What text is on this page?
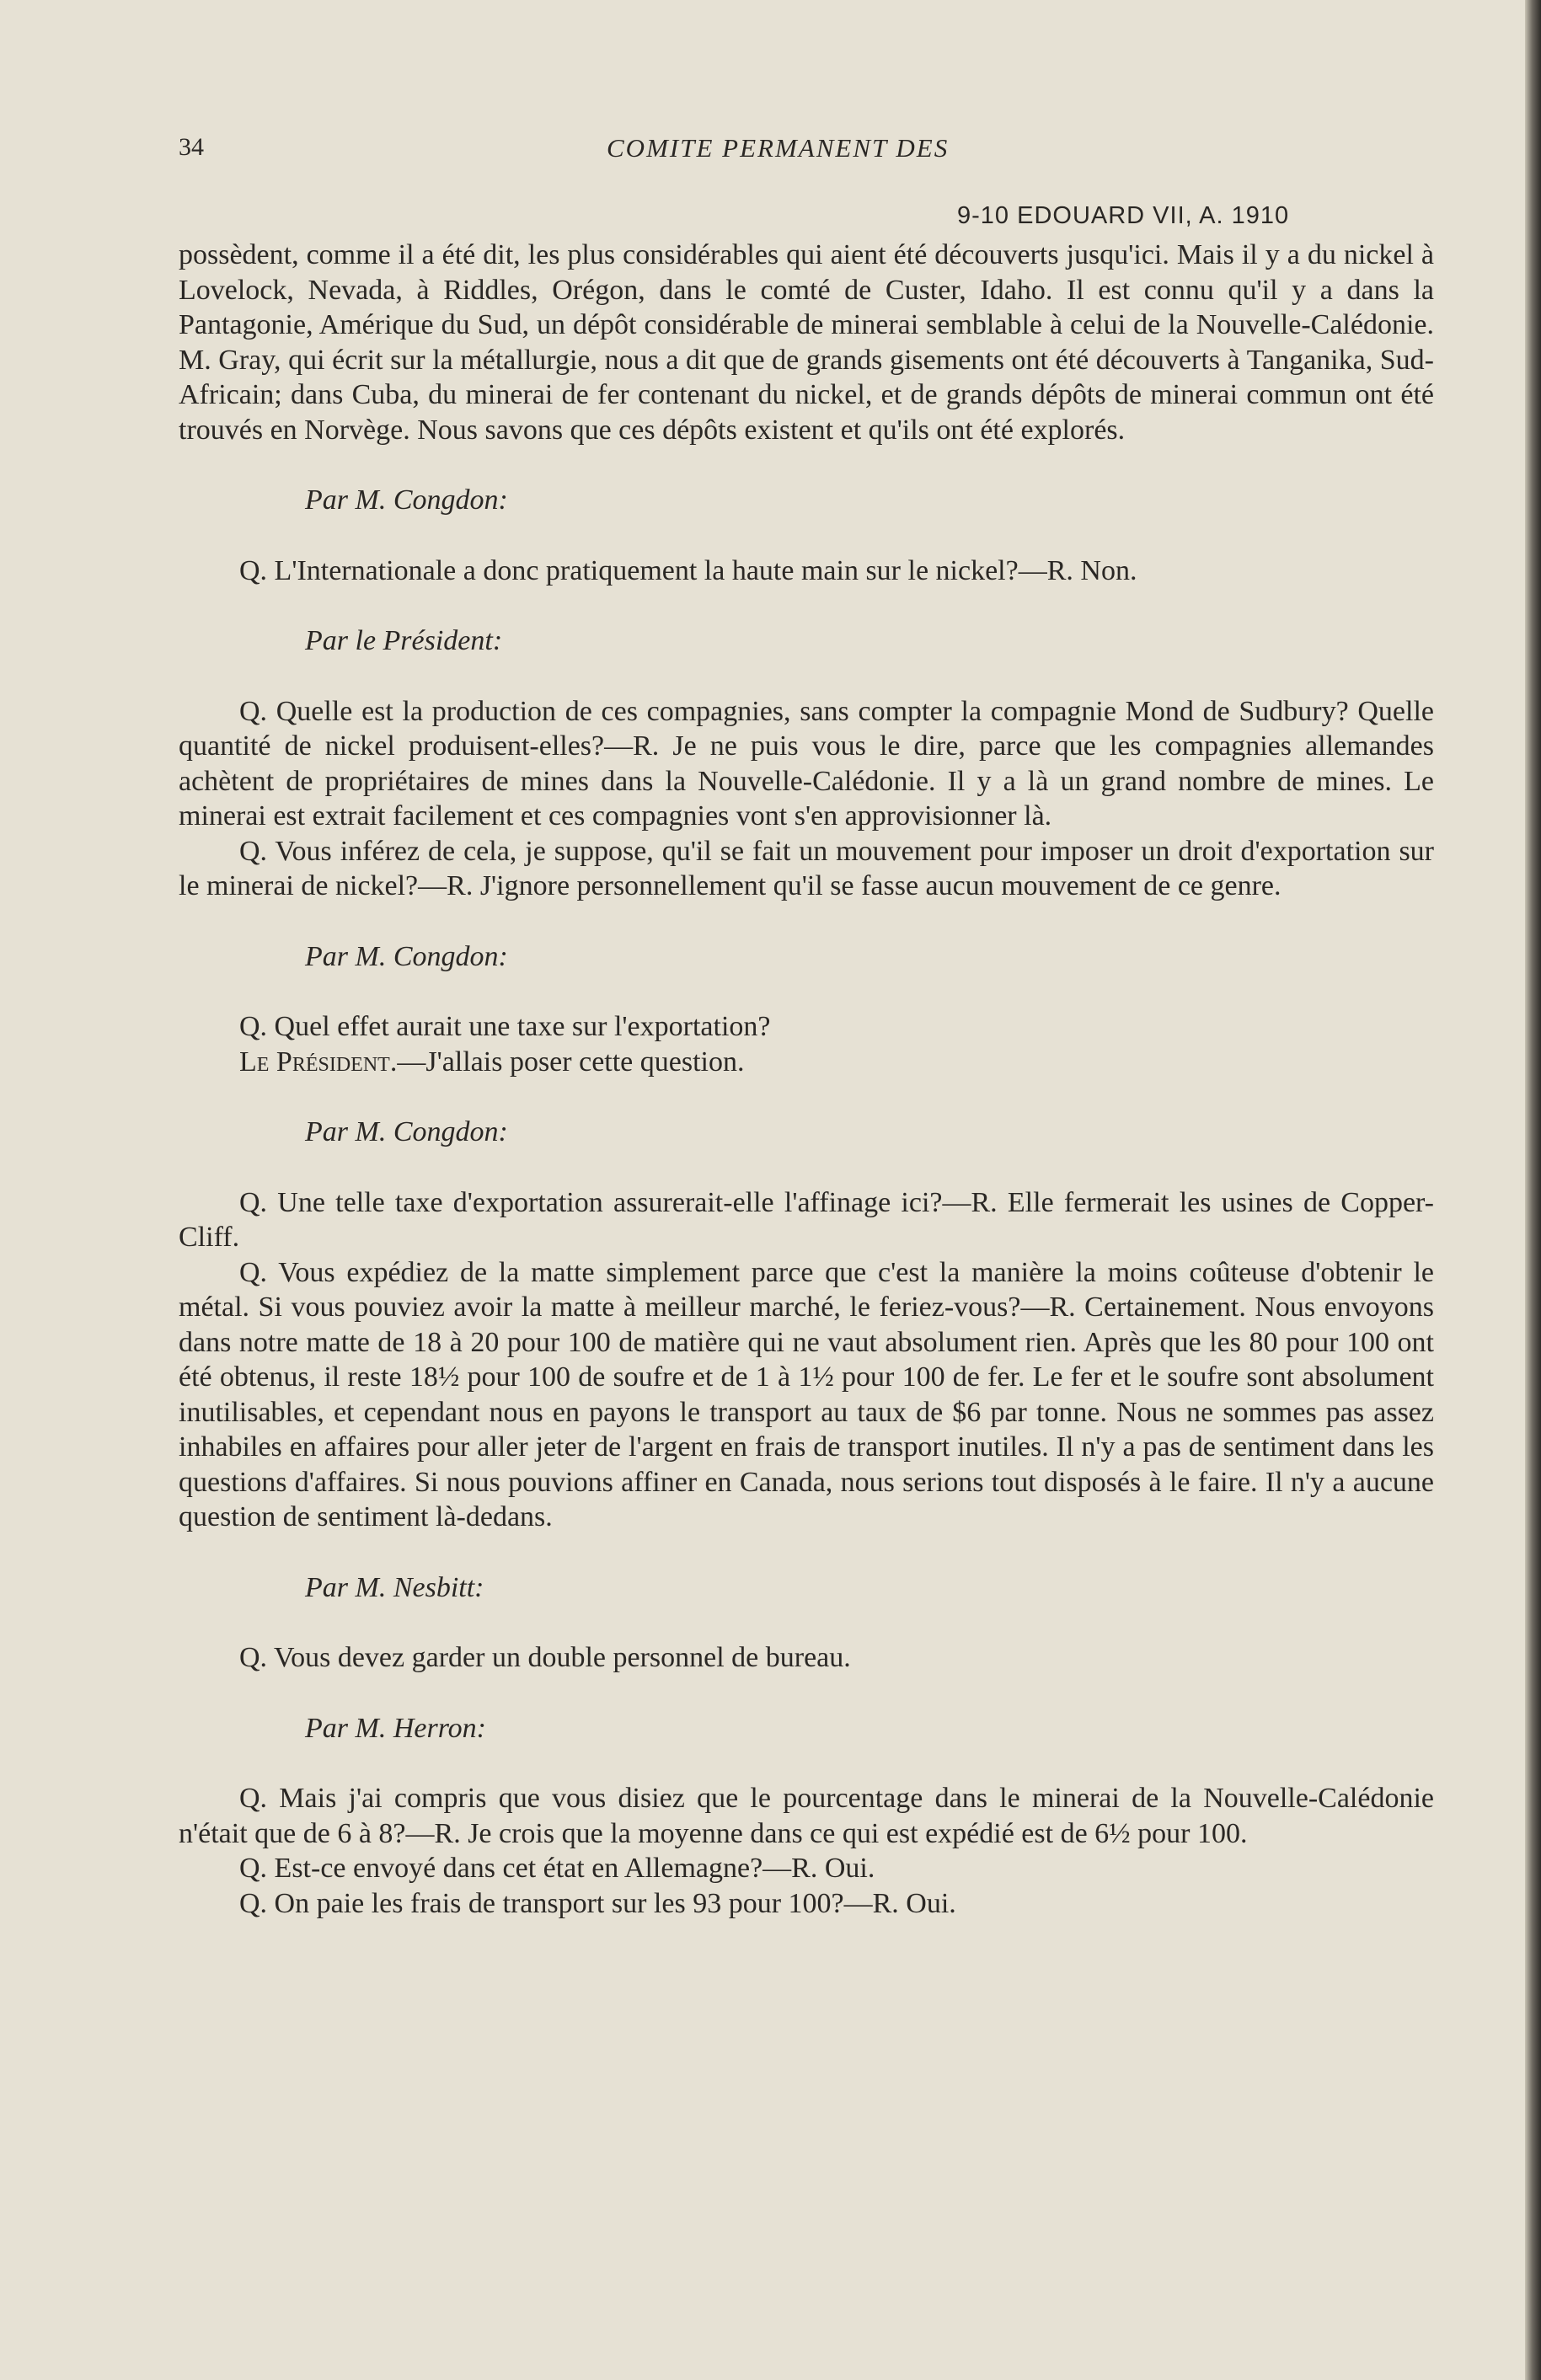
34	COMITE PERMANENT DES
9-10 EDOUARD VII, A. 1910

possèdent, comme il a été dit, les plus considérables qui aient été découverts jusqu'ici. Mais il y a du nickel à Lovelock, Nevada, à Riddles, Orégon, dans le comté de Custer, Idaho. Il est connu qu'il y a dans la Pantagonie, Amérique du Sud, un dépôt considérable de minerai semblable à celui de la Nouvelle-Calédonie. M. Gray, qui écrit sur la métallurgie, nous a dit que de grands gisements ont été découverts à Tanganika, Sud-Africain; dans Cuba, du minerai de fer contenant du nickel, et de grands dépôts de minerai commun ont été trouvés en Norvège. Nous savons que ces dépôts existent et qu'ils ont été explorés.

Par M. Congdon:

Q. L'Internationale a donc pratiquement la haute main sur le nickel?—R. Non.

Par le Président:

Q. Quelle est la production de ces compagnies, sans compter la compagnie Mond de Sudbury? Quelle quantité de nickel produisent-elles?—R. Je ne puis vous le dire, parce que les compagnies allemandes achètent de propriétaires de mines dans la Nouvelle-Calédonie. Il y a là un grand nombre de mines. Le minerai est extrait facilement et ces compagnies vont s'en approvisionner là.

Q. Vous inférez de cela, je suppose, qu'il se fait un mouvement pour imposer un droit d'exportation sur le minerai de nickel?—R. J'ignore personnellement qu'il se fasse aucun mouvement de ce genre.

Par M. Congdon:

Q. Quel effet aurait une taxe sur l'exportation?

Le Président.—J'allais poser cette question.

Par M. Congdon:

Q. Une telle taxe d'exportation assurerait-elle l'affinage ici?—R. Elle fermerait les usines de Copper-Cliff.

Q. Vous expédiez de la matte simplement parce que c'est la manière la moins coûteuse d'obtenir le métal. Si vous pouviez avoir la matte à meilleur marché, le feriez-vous?—R. Certainement. Nous envoyons dans notre matte de 18 à 20 pour 100 de matière qui ne vaut absolument rien. Après que les 80 pour 100 ont été obtenus, il reste 18½ pour 100 de soufre et de 1 à 1½ pour 100 de fer. Le fer et le soufre sont absolument inutilisables, et cependant nous en payons le transport au taux de $6 par tonne. Nous ne sommes pas assez inhabiles en affaires pour aller jeter de l'argent en frais de transport inutiles. Il n'y a pas de sentiment dans les questions d'affaires. Si nous pouvions affiner en Canada, nous serions tout disposés à le faire. Il n'y a aucune question de sentiment là-dedans.

Par M. Nesbitt:

Q. Vous devez garder un double personnel de bureau.

Par M. Herron:

Q. Mais j'ai compris que vous disiez que le pourcentage dans le minerai de la Nouvelle-Calédonie n'était que de 6 à 8?—R. Je crois que la moyenne dans ce qui est expédié est de 6½ pour 100.

Q. Est-ce envoyé dans cet état en Allemagne?—R. Oui.

Q. On paie les frais de transport sur les 93 pour 100?—R. Oui.
